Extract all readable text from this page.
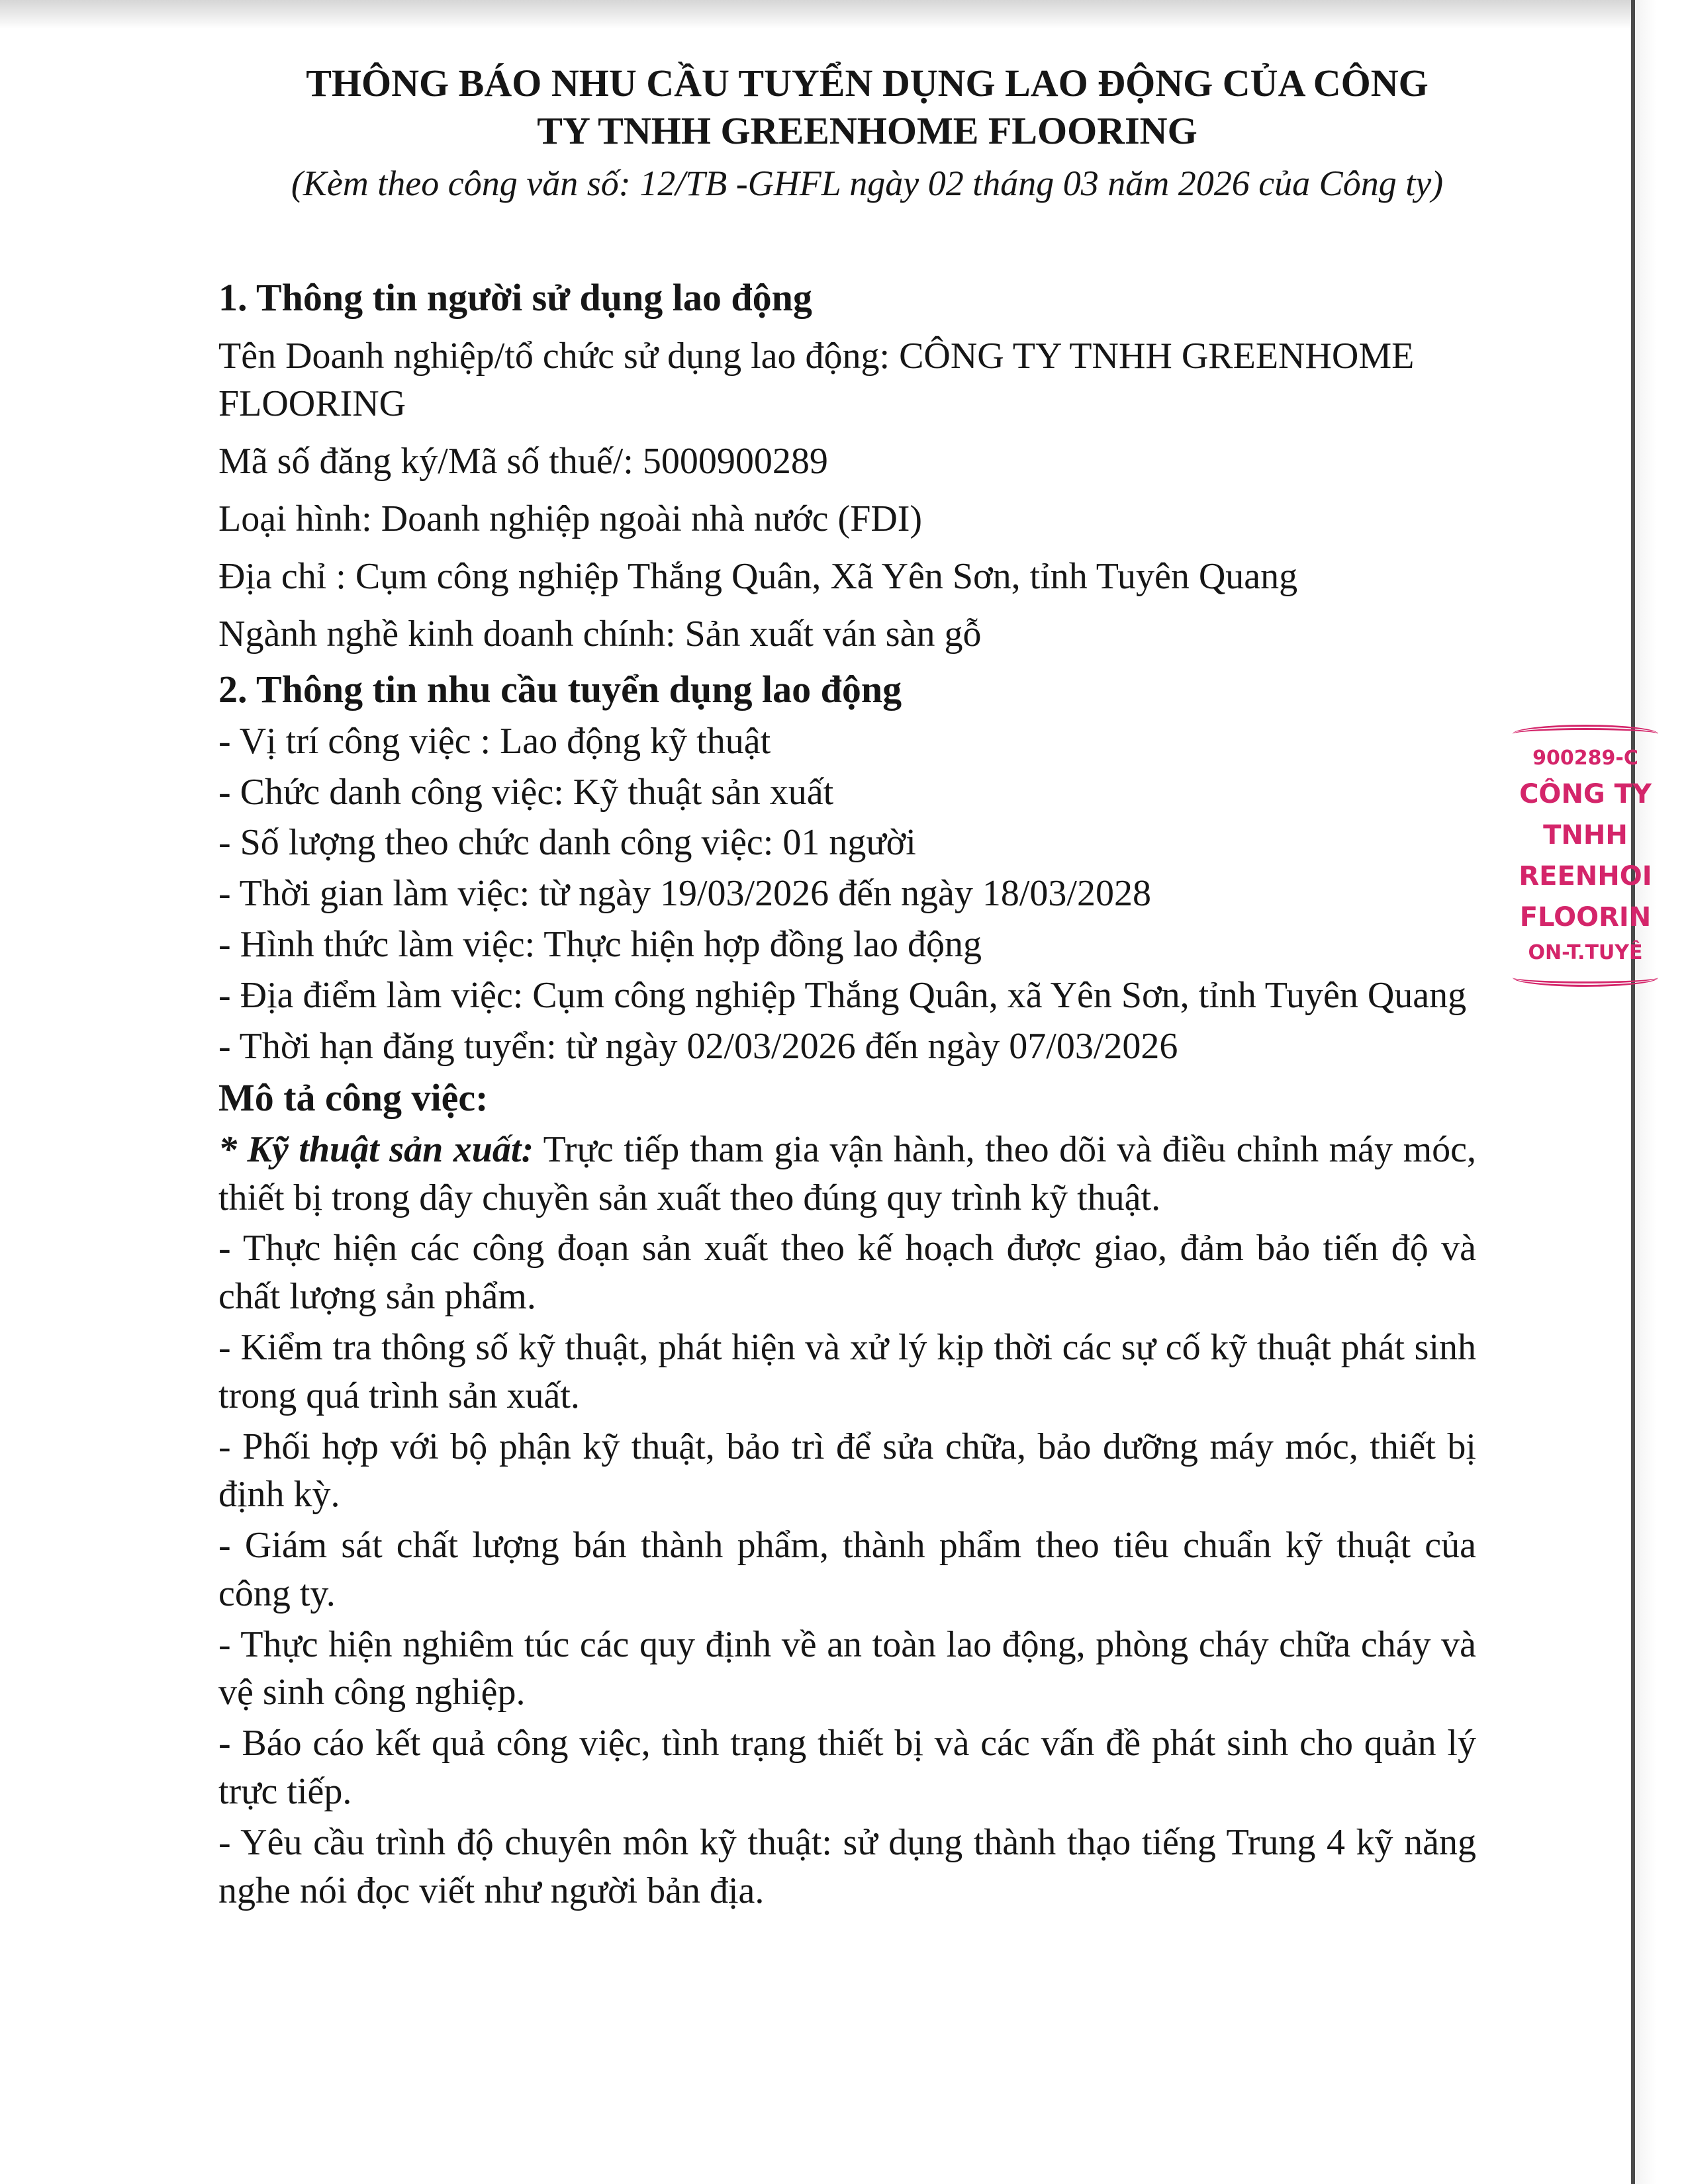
THÔNG BÁO NHU CẦU TUYỂN DỤNG LAO ĐỘNG CỦA CÔNG
TY TNHH GREENHOME FLOORING
(Kèm theo công văn số: 12/TB -GHFL ngày 02 tháng 03 năm 2026 của Công ty)
1. Thông tin người sử dụng lao động

Tên Doanh nghiệp/tổ chức sử dụng lao động: CÔNG TY TNHH GREENHOME FLOORING

Mã số đăng ký/Mã số thuế/: 5000900289

Loại hình: Doanh nghiệp ngoài nhà nước (FDI)

Địa chỉ : Cụm công nghiệp Thắng Quân, Xã Yên Sơn, tỉnh Tuyên Quang

Ngành nghề kinh doanh chính: Sản xuất ván sàn gỗ

2. Thông tin nhu cầu tuyển dụng lao động

- Vị trí công việc : Lao động kỹ thuật

- Chức danh công việc: Kỹ thuật sản xuất

- Số lượng theo chức danh công việc: 01 người

- Thời gian làm việc: từ ngày 19/03/2026 đến ngày 18/03/2028

- Hình thức làm việc: Thực hiện hợp đồng lao động

- Địa điểm làm việc: Cụm công nghiệp Thắng Quân, xã Yên Sơn, tỉnh Tuyên Quang

- Thời hạn đăng tuyển: từ ngày 02/03/2026 đến ngày 07/03/2026

Mô tả công việc:

* Kỹ thuật sản xuất: Trực tiếp tham gia vận hành, theo dõi và điều chỉnh máy móc, thiết bị trong dây chuyền sản xuất theo đúng quy trình kỹ thuật.

- Thực hiện các công đoạn sản xuất theo kế hoạch được giao, đảm bảo tiến độ và chất lượng sản phẩm.

- Kiểm tra thông số kỹ thuật, phát hiện và xử lý kịp thời các sự cố kỹ thuật phát sinh trong quá trình sản xuất.

- Phối hợp với bộ phận kỹ thuật, bảo trì để sửa chữa, bảo dưỡng máy móc, thiết bị định kỳ.

- Giám sát chất lượng bán thành phẩm, thành phẩm theo tiêu chuẩn kỹ thuật của công ty.

- Thực hiện nghiêm túc các quy định về an toàn lao động, phòng cháy chữa cháy và vệ sinh công nghiệp.

- Báo cáo kết quả công việc, tình trạng thiết bị và các vấn đề phát sinh cho quản lý trực tiếp.

- Yêu cầu trình độ chuyên môn kỹ thuật: sử dụng thành thạo tiếng Trung 4 kỹ năng nghe nói đọc viết như người bản địa.

900289-C
CÔNG TY
TNHH
REENHOI
FLOORIN
ON-T.TUYÊ
